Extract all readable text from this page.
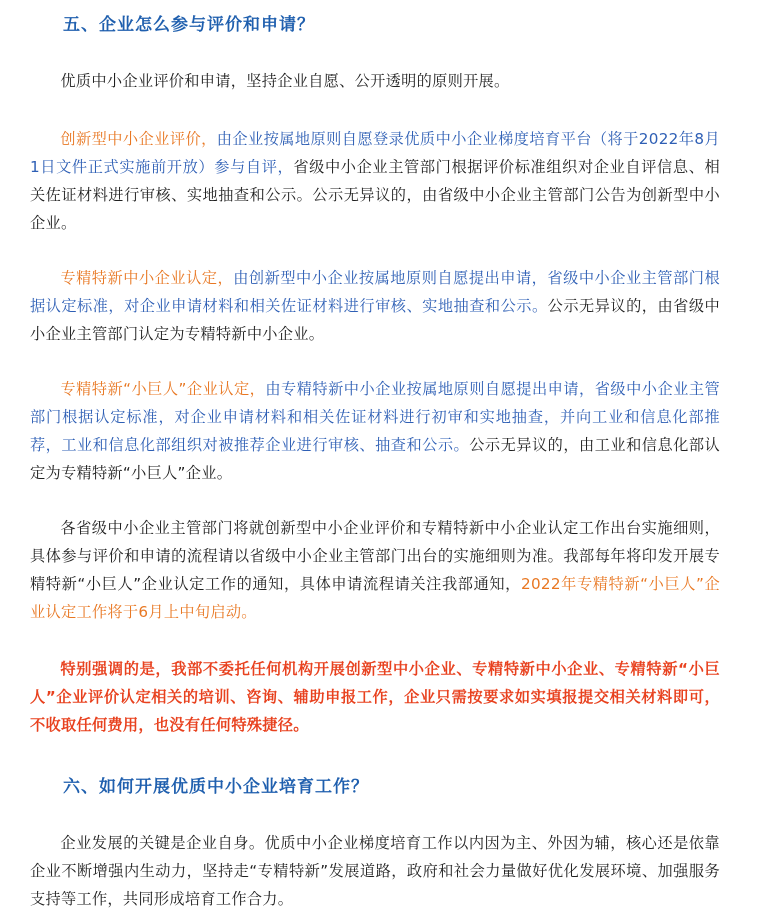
五、企业怎么参与评价和申请？

优质中小企业评价和申请，坚持企业自愿、公开透明的原则开展。

创新型中小企业评价，由企业按属地原则自愿登录优质中小企业梯度培育平台（将于2022年8月1日文件正式实施前开放）参与自评，省级中小企业主管部门根据评价标准组织对企业自评信息、相关佐证材料进行审核、实地抽查和公示。公示无异议的，由省级中小企业主管部门公告为创新型中小企业。

专精特新中小企业认定，由创新型中小企业按属地原则自愿提出申请，省级中小企业主管部门根据认定标准，对企业申请材料和相关佐证材料进行审核、实地抽查和公示。公示无异议的，由省级中小企业主管部门认定为专精特新中小企业。

专精特新“小巨人”企业认定，由专精特新中小企业按属地原则自愿提出申请，省级中小企业主管部门根据认定标准，对企业申请材料和相关佐证材料进行初审和实地抽查，并向工业和信息化部推荐，工业和信息化部组织对被推荐企业进行审核、抽查和公示。公示无异议的，由工业和信息化部认定为专精特新“小巨人”企业。

各省级中小企业主管部门将就创新型中小企业评价和专精特新中小企业认定工作出台实施细则，具体参与评价和申请的流程请以省级中小企业主管部门出台的实施细则为准。我部每年将印发开展专精特新“小巨人”企业认定工作的通知，具体申请流程请关注我部通知，2022年专精特新“小巨人”企业认定工作将于6月上中旬启动。

特别强调的是，我部不委托任何机构开展创新型中小企业、专精特新中小企业、专精特新“小巨人”企业评价认定相关的培训、咨询、辅助申报工作，企业只需按要求如实填报提交相关材料即可，不收取任何费用，也没有任何特殊捷径。

六、如何开展优质中小企业培育工作？

企业发展的关键是企业自身。优质中小企业梯度培育工作以内因为主、外因为辅，核心还是依靠企业不断增强内生动力，坚持走“专精特新”发展道路，政府和社会力量做好优化发展环境、加强服务支持等工作，共同形成培育工作合力。
